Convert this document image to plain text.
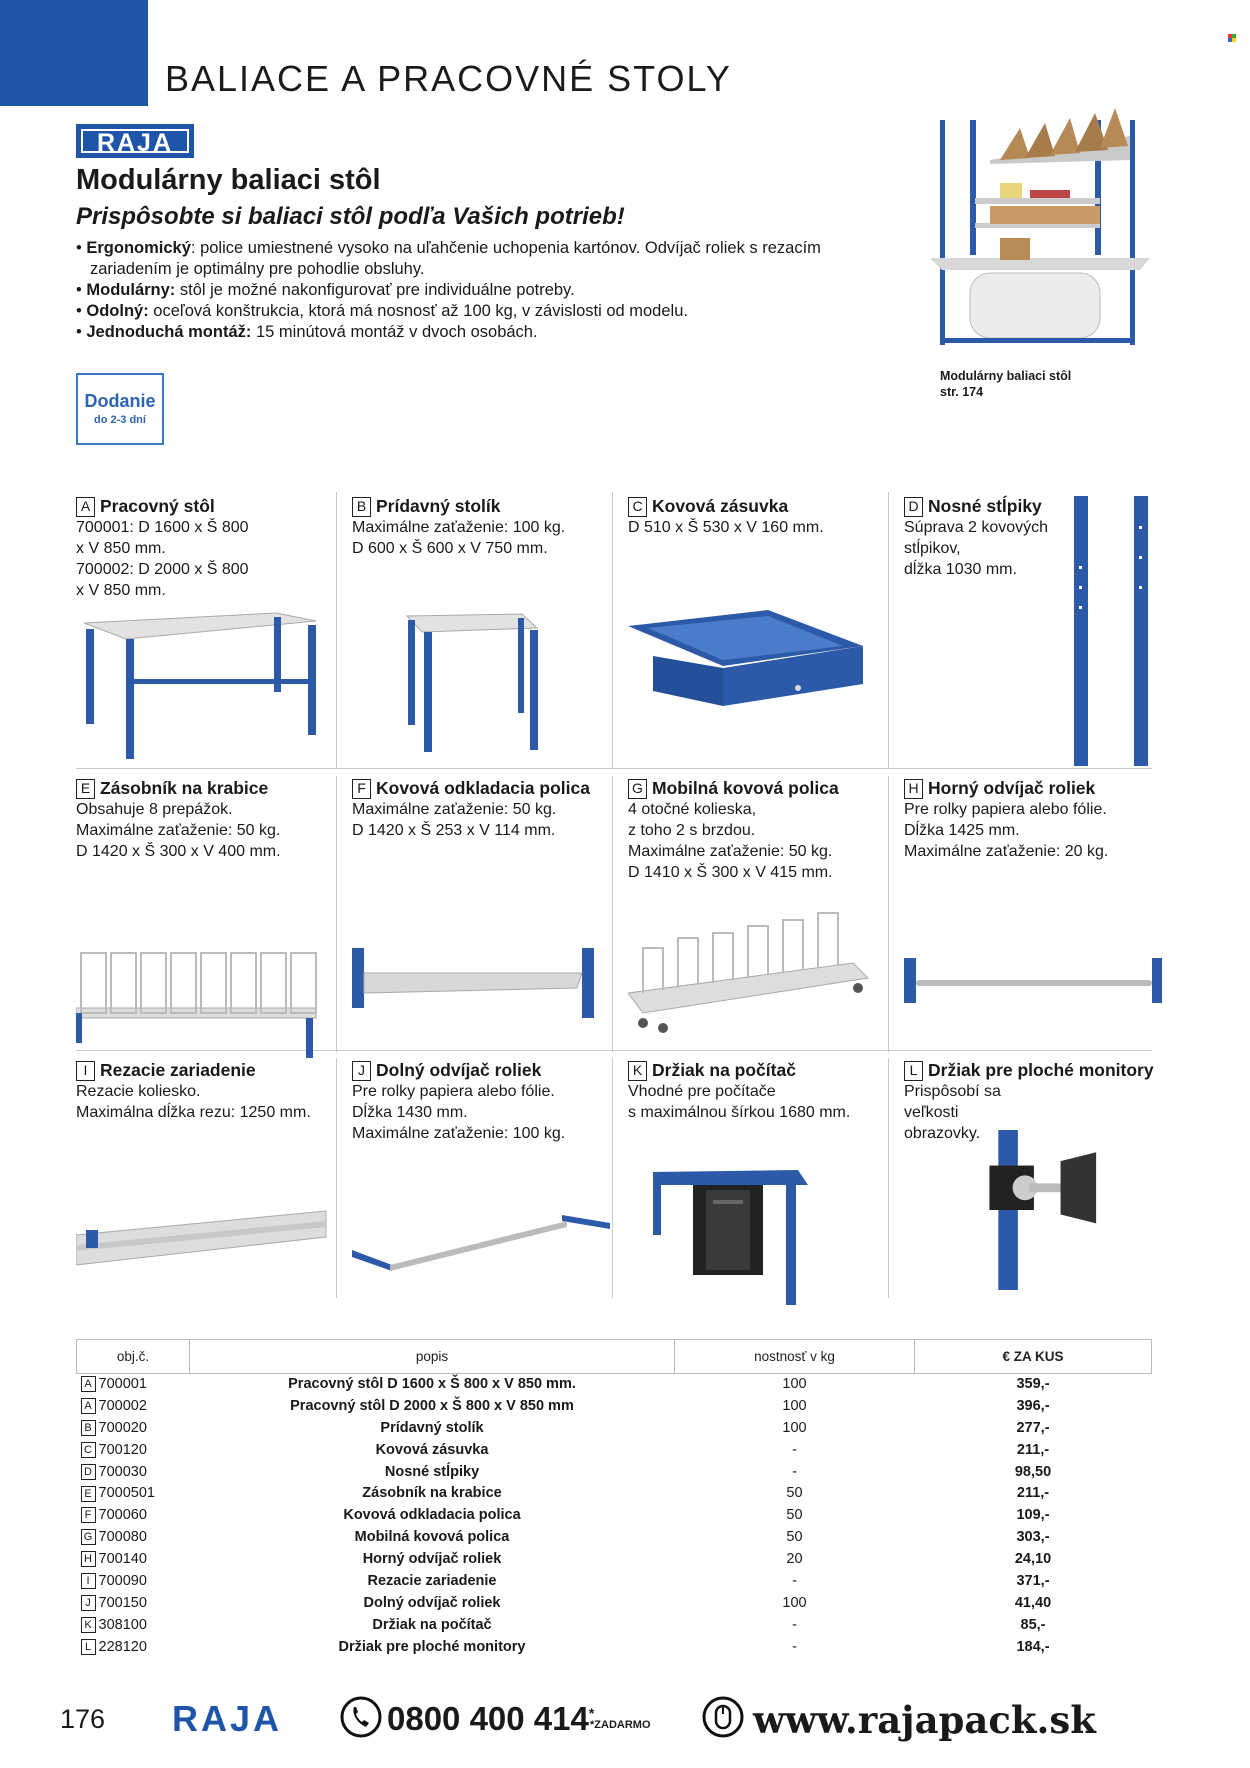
BALIACE A PRACOVNÉ STOLY
RAJA
Modulárny baliaci stôl
Prispôsobte si baliaci stôl podľa Vašich potrieb!
• Ergonomický: police umiestnené vysoko na uľahčenie uchopenia kartónov. Odvíjač roliek s rezacím zariadením je optimálny pre pohodlie obsluhy.
• Modulárny: stôl je možné nakonfigurovať pre individuálne potreby.
• Odolný: oceľová konštrukcia, ktorá má nosnosť až 100 kg, v závislosti od modelu.
• Jednoduchá montáž: 15 minútová montáž v dvoch osobách.
Dodanie
do 2-3 dní
Modulárny baliaci stôl
str. 174
A Pracovný stôl
700001: D 1600 x Š 800
x V 850 mm.
700002: D 2000 x Š 800
x V 850 mm.
B Prídavný stolík
Maximálne zaťaženie: 100 kg.
D 600 x Š 600 x V 750 mm.
C Kovová zásuvka
D 510 x Š 530 x V 160 mm.
D Nosné stĺpiky
Súprava 2 kovových
stĺpikov,
dĺžka 1030 mm.
E Zásobník na krabice
Obsahuje 8 prepážok.
Maximálne zaťaženie: 50 kg.
D 1420 x Š 300 x V 400 mm.
F Kovová odkladacia polica
Maximálne zaťaženie: 50 kg.
D 1420 x Š 253 x V 114 mm.
G Mobilná kovová polica
4 otočné kolieska,
z toho 2 s brzdou.
Maximálne zaťaženie: 50 kg.
D 1410 x Š 300 x V 415 mm.
H Horný odvíjač roliek
Pre rolky papiera alebo fólie.
Dĺžka 1425 mm.
Maximálne zaťaženie: 20 kg.
I Rezacie zariadenie
Rezacie koliesko.
Maximálna dĺžka rezu: 1250 mm.
J Dolný odvíjač roliek
Pre rolky papiera alebo fólie.
Dĺžka 1430 mm.
Maximálne zaťaženie: 100 kg.
K Držiak na počítač
Vhodné pre počítače
s maximálnou šírkou 1680 mm.
L Držiak pre ploché monitory
Prispôsobí sa
veľkosti
obrazovky.
obj.č.	popis	nostnosť v kg	€ ZA KUS
A 700001	Pracovný stôl D 1600 x Š 800 x V 850 mm.	100	359,-
A 700002	Pracovný stôl D 2000 x Š 800 x V 850 mm	100	396,-
B 700020	Prídavný stolík	100	277,-
C 700120	Kovová zásuvka	-	211,-
D 700030	Nosné stĺpiky	-	98,50
E 7000501	Zásobník na krabice	50	211,-
F 700060	Kovová odkladacia polica	50	109,-
G 700080	Mobilná kovová polica	50	303,-
H 700140	Horný odvíjač roliek	20	24,10
I 700090	Rezacie zariadenie	-	371,-
J 700150	Dolný odvíjač roliek	100	41,40
K 308100	Držiak na počítač	-	85,-
L 228120	Držiak pre ploché monitory	-	184,-
176 RAJA	0800 400 414*
*ZADARMO	www.rajapack.sk
